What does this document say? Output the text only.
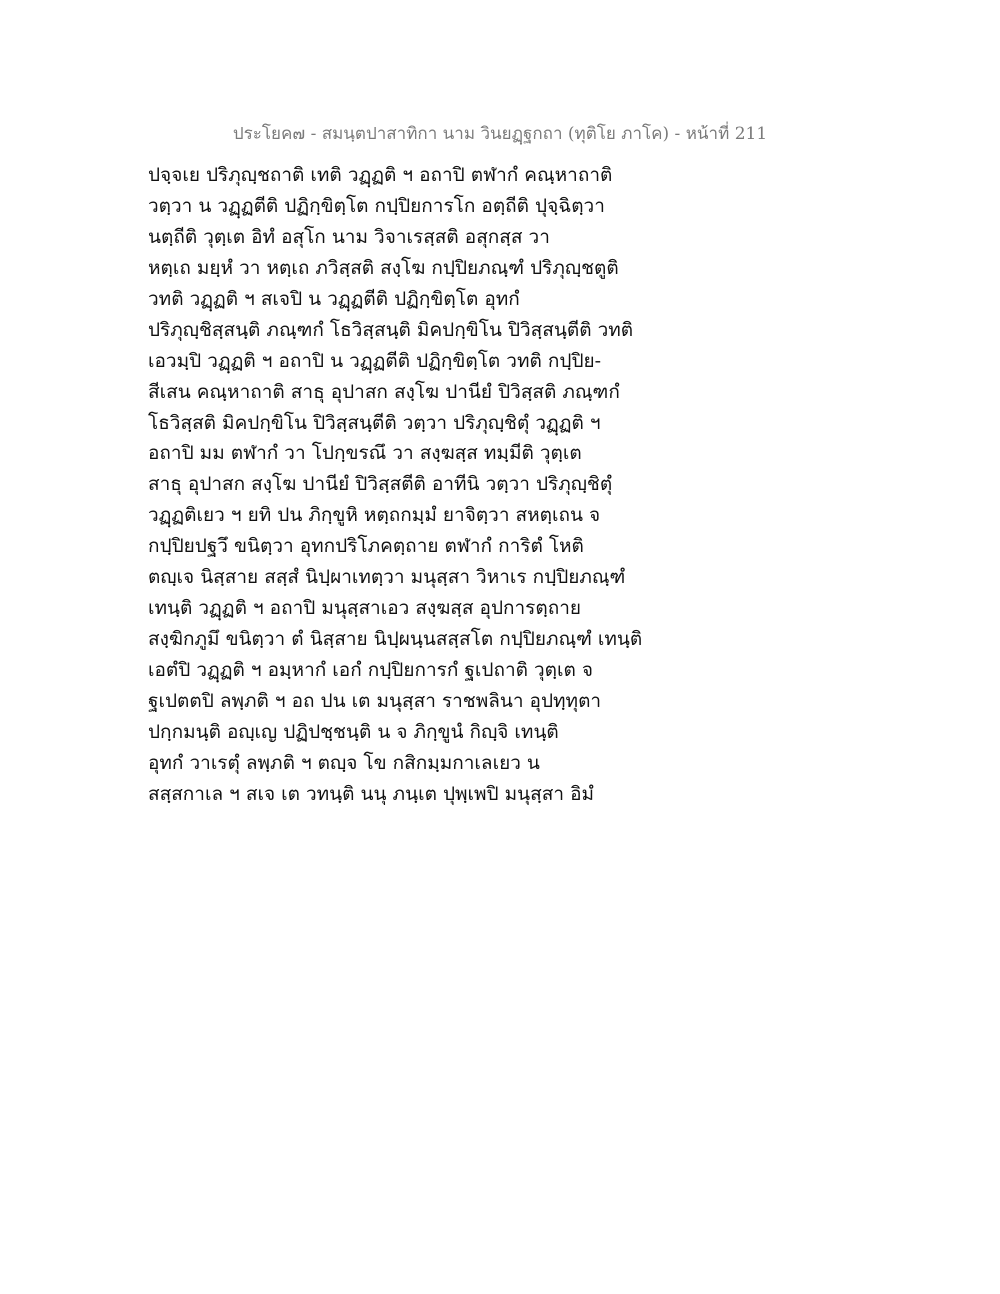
ประโยค๗ - สมนฺตปาสาทิกา นาม วินยฏฺฐกถา (ทุติโย ภาโค) - หน้าที่ 211
ปจฺจเย ปริภุญฺชถาติ เทติ วฏฺฏติ ฯ อถาปิ ตฬากํ คณฺหาถาติ
วตฺวา น วฏฺฏตีติ ปฏิกฺขิตฺโต กปฺปิยการโก อตฺถีติ ปุจฺฉิตฺวา
นตฺถีติ วุตฺเต อิทํ อสุโก นาม วิจาเรสฺสติ อสุกสฺส วา
หตฺเถ มยฺหํ วา หตฺเถ ภวิสฺสติ สงฺโฆ กปฺปิยภณฺฑํ ปริภุญฺชตูติ
วทติ วฏฺฏติ ฯ สเจปิ น วฏฺฏตีติ ปฏิกฺขิตฺโต อุทกํ
ปริภุญฺชิสฺสนฺติ ภณฺฑกํ โธวิสฺสนฺติ มิคปกฺขิโน ปิวิสฺสนฺตีติ วทติ
เอวมฺปิ วฏฺฏติ ฯ อถาปิ น วฏฺฏตีติ ปฏิกฺขิตฺโต วทติ กปฺปิย-
สีเสน คณฺหาถาติ สาธุ อุปาสก สงฺโฆ ปานียํ ปิวิสฺสติ ภณฺฑกํ
โธวิสฺสติ มิคปกฺขิโน ปิวิสฺสนฺตีติ วตฺวา ปริภุญฺชิตุํ วฏฺฏติ ฯ
อถาปิ มม ตฬากํ วา โปกฺขรณึ วา สงฺฆสฺส ทมฺมีติ วุตฺเต
สาธุ อุปาสก สงฺโฆ ปานียํ ปิวิสฺสตีติ อาทีนิ วตฺวา ปริภุญฺชิตุํ
วฏฺฏติเยว ฯ ยทิ ปน ภิกฺขูหิ หตฺถกมฺมํ ยาจิตฺวา สหตฺเถน จ
กปฺปิยปฐวึ ขนิตฺวา อุทกปริโภคตฺถาย ตฬากํ การิตํ โหติ
ตญฺเจ นิสฺสาย สสฺสํ นิปฺผาเทตฺวา มนุสฺสา วิหาเร กปฺปิยภณฺฑํ
เทนฺติ วฏฺฏติ ฯ อถาปิ มนุสฺสาเอว สงฺฆสฺส อุปการตฺถาย
สงฺฆิกภูมึ ขนิตฺวา ตํ นิสฺสาย นิปฺผนฺนสสฺสโต กปฺปิยภณฺฑํ เทนฺติ
เอตํปิ วฏฺฏติ ฯ อมฺหากํ เอกํ กปฺปิยการกํ ฐเปถาติ วุตฺเต จ
ฐเปตตปิ ลพฺภติ ฯ อถ ปน เต มนุสฺสา ราชพลินา อุปทฺทุตา
ปกฺกมนฺติ อญฺเญ ปฏิปชฺชนฺติ น จ ภิกฺขูนํ กิญฺจิ เทนฺติ
อุทกํ วาเรตุํ ลพฺภติ ฯ ตญฺจ โข กสิกมฺมกาเลเยว น
สสฺสกาเล ฯ สเจ เต วทนฺติ นนุ ภนฺเต ปุพฺเพปิ มนุสฺสา อิมํ
